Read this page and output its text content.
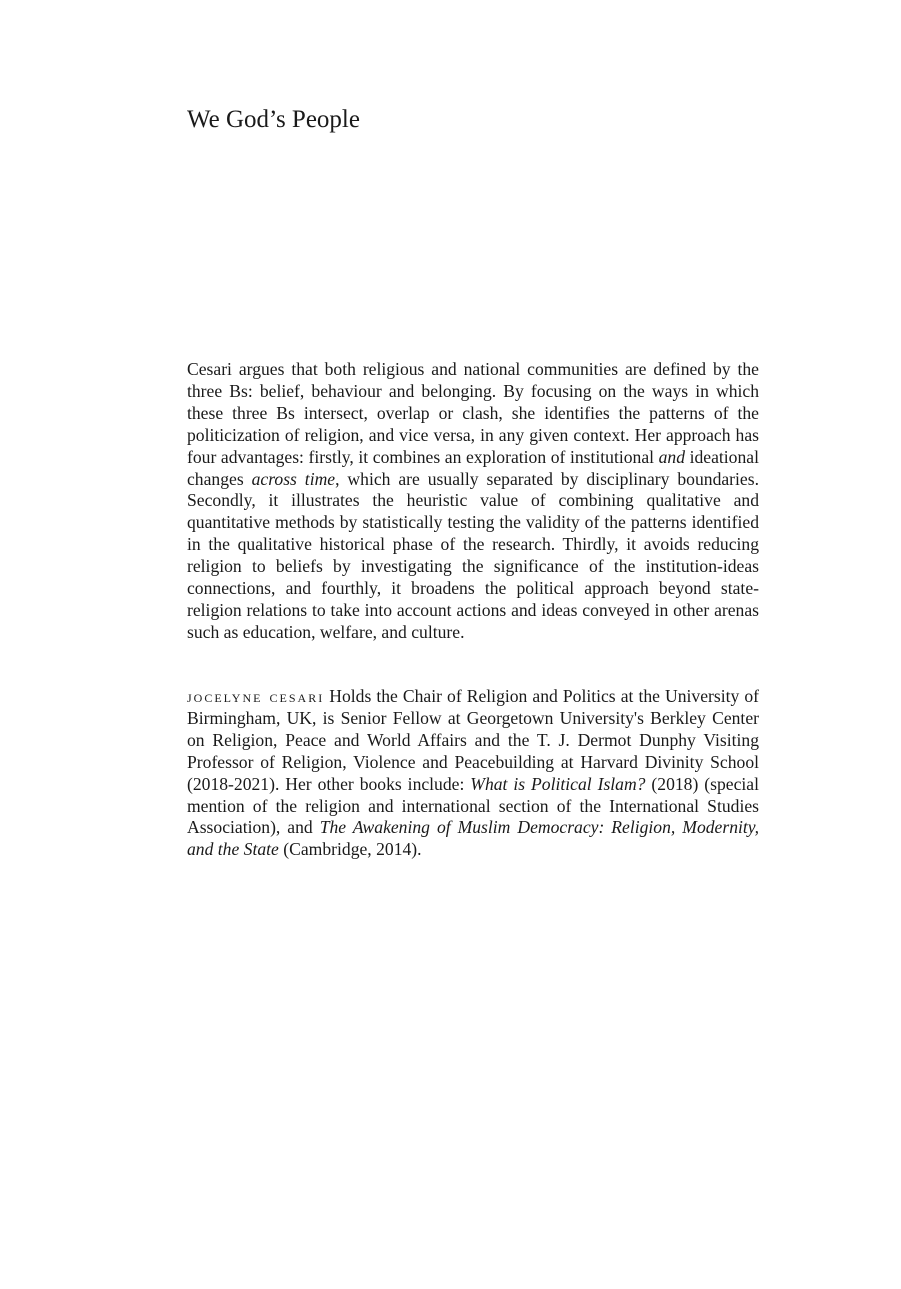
We God’s People

Cesari argues that both religious and national communities are defined by the three Bs: belief, behaviour and belonging. By focusing on the ways in which these three Bs intersect, overlap or clash, she identifies the patterns of the politicization of religion, and vice versa, in any given context. Her approach has four advantages: firstly, it combines an exploration of institutional and ideational changes across time, which are usually separated by disciplinary boundaries. Secondly, it illustrates the heuristic value of combining qualitative and quantitative methods by statistically testing the validity of the patterns identified in the qualitative historical phase of the research. Thirdly, it avoids reducing religion to beliefs by investigating the significance of the institution-ideas connections, and fourthly, it broadens the political approach beyond state-religion relations to take into account actions and ideas conveyed in other arenas such as education, welfare, and culture.

jocelyne cesari Holds the Chair of Religion and Politics at the University of Birmingham, UK, is Senior Fellow at Georgetown University's Berkley Center on Religion, Peace and World Affairs and the T. J. Dermot Dunphy Visiting Professor of Religion, Violence and Peacebuilding at Harvard Divinity School (2018-2021). Her other books include: What is Political Islam? (2018) (special mention of the religion and international section of the International Studies Association), and The Awakening of Muslim Democracy: Religion, Modernity, and the State (Cambridge, 2014).
